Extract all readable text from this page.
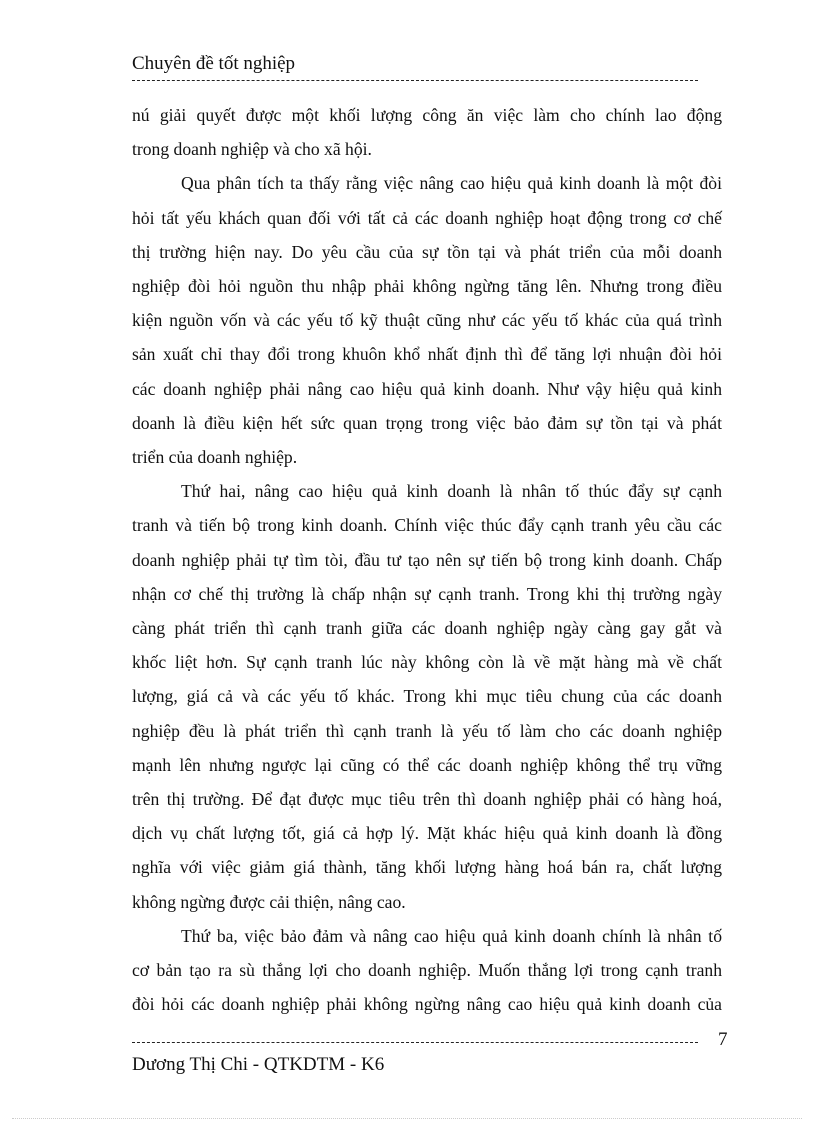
Chuyên đề tốt nghiệp

nú giải quyết được một khối lượng công ăn việc làm cho chính lao động
trong doanh nghiệp và cho xã hội.

Qua phân tích ta thấy rằng việc nâng cao hiệu quả kinh doanh là một đòi
hỏi tất yếu khách quan đối với tất cả các doanh nghiệp hoạt động trong cơ chế
thị trường hiện nay. Do yêu cầu của sự tồn tại và phát triển của mỗi doanh
nghiệp đòi hỏi nguồn thu nhập phải không ngừng tăng lên. Nhưng trong điều
kiện nguồn vốn và các yếu tố kỹ thuật cũng như các yếu tố khác của quá trình
sản xuất chỉ thay đổi trong khuôn khổ nhất định thì để tăng lợi nhuận đòi hỏi
các doanh nghiệp phải nâng cao hiệu quả kinh doanh. Như vậy hiệu quả kinh
doanh là điều kiện hết sức quan trọng trong việc bảo đảm sự tồn tại và phát
triển của doanh nghiệp.

Thứ hai, nâng cao hiệu quả kinh doanh là nhân tố thúc đẩy sự cạnh
tranh và tiến bộ trong kinh doanh. Chính việc thúc đẩy cạnh tranh yêu cầu các
doanh nghiệp phải tự tìm tòi, đầu tư tạo nên sự tiến bộ trong kinh doanh. Chấp
nhận cơ chế thị trường là chấp nhận sự cạnh tranh. Trong khi thị trường ngày
càng phát triển thì cạnh tranh giữa các doanh nghiệp ngày càng gay gắt và
khốc liệt hơn. Sự cạnh tranh lúc này không còn là về mặt hàng mà về chất
lượng, giá cả và các yếu tố khác. Trong khi mục tiêu chung của các doanh
nghiệp đều là phát triển thì cạnh tranh là yếu tố làm cho các doanh nghiệp
mạnh lên nhưng ngược lại cũng có thể các doanh nghiệp không thể trụ vững
trên thị trường. Để đạt được mục tiêu trên thì doanh nghiệp phải có hàng hoá,
dịch vụ chất lượng tốt, giá cả hợp lý. Mặt khác hiệu quả kinh doanh là đồng
nghĩa với việc giảm giá thành, tăng khối lượng hàng hoá bán ra, chất lượng
không ngừng được cải thiện, nâng cao.

Thứ ba, việc bảo đảm và nâng cao hiệu quả kinh doanh chính là nhân tố
cơ bản tạo ra sù thắng lợi cho doanh nghiệp. Muốn thắng lợi trong cạnh tranh
đòi hỏi các doanh nghiệp phải không ngừng nâng cao hiệu quả kinh doanh của

7
Dương Thị Chi - QTKDTM - K6
